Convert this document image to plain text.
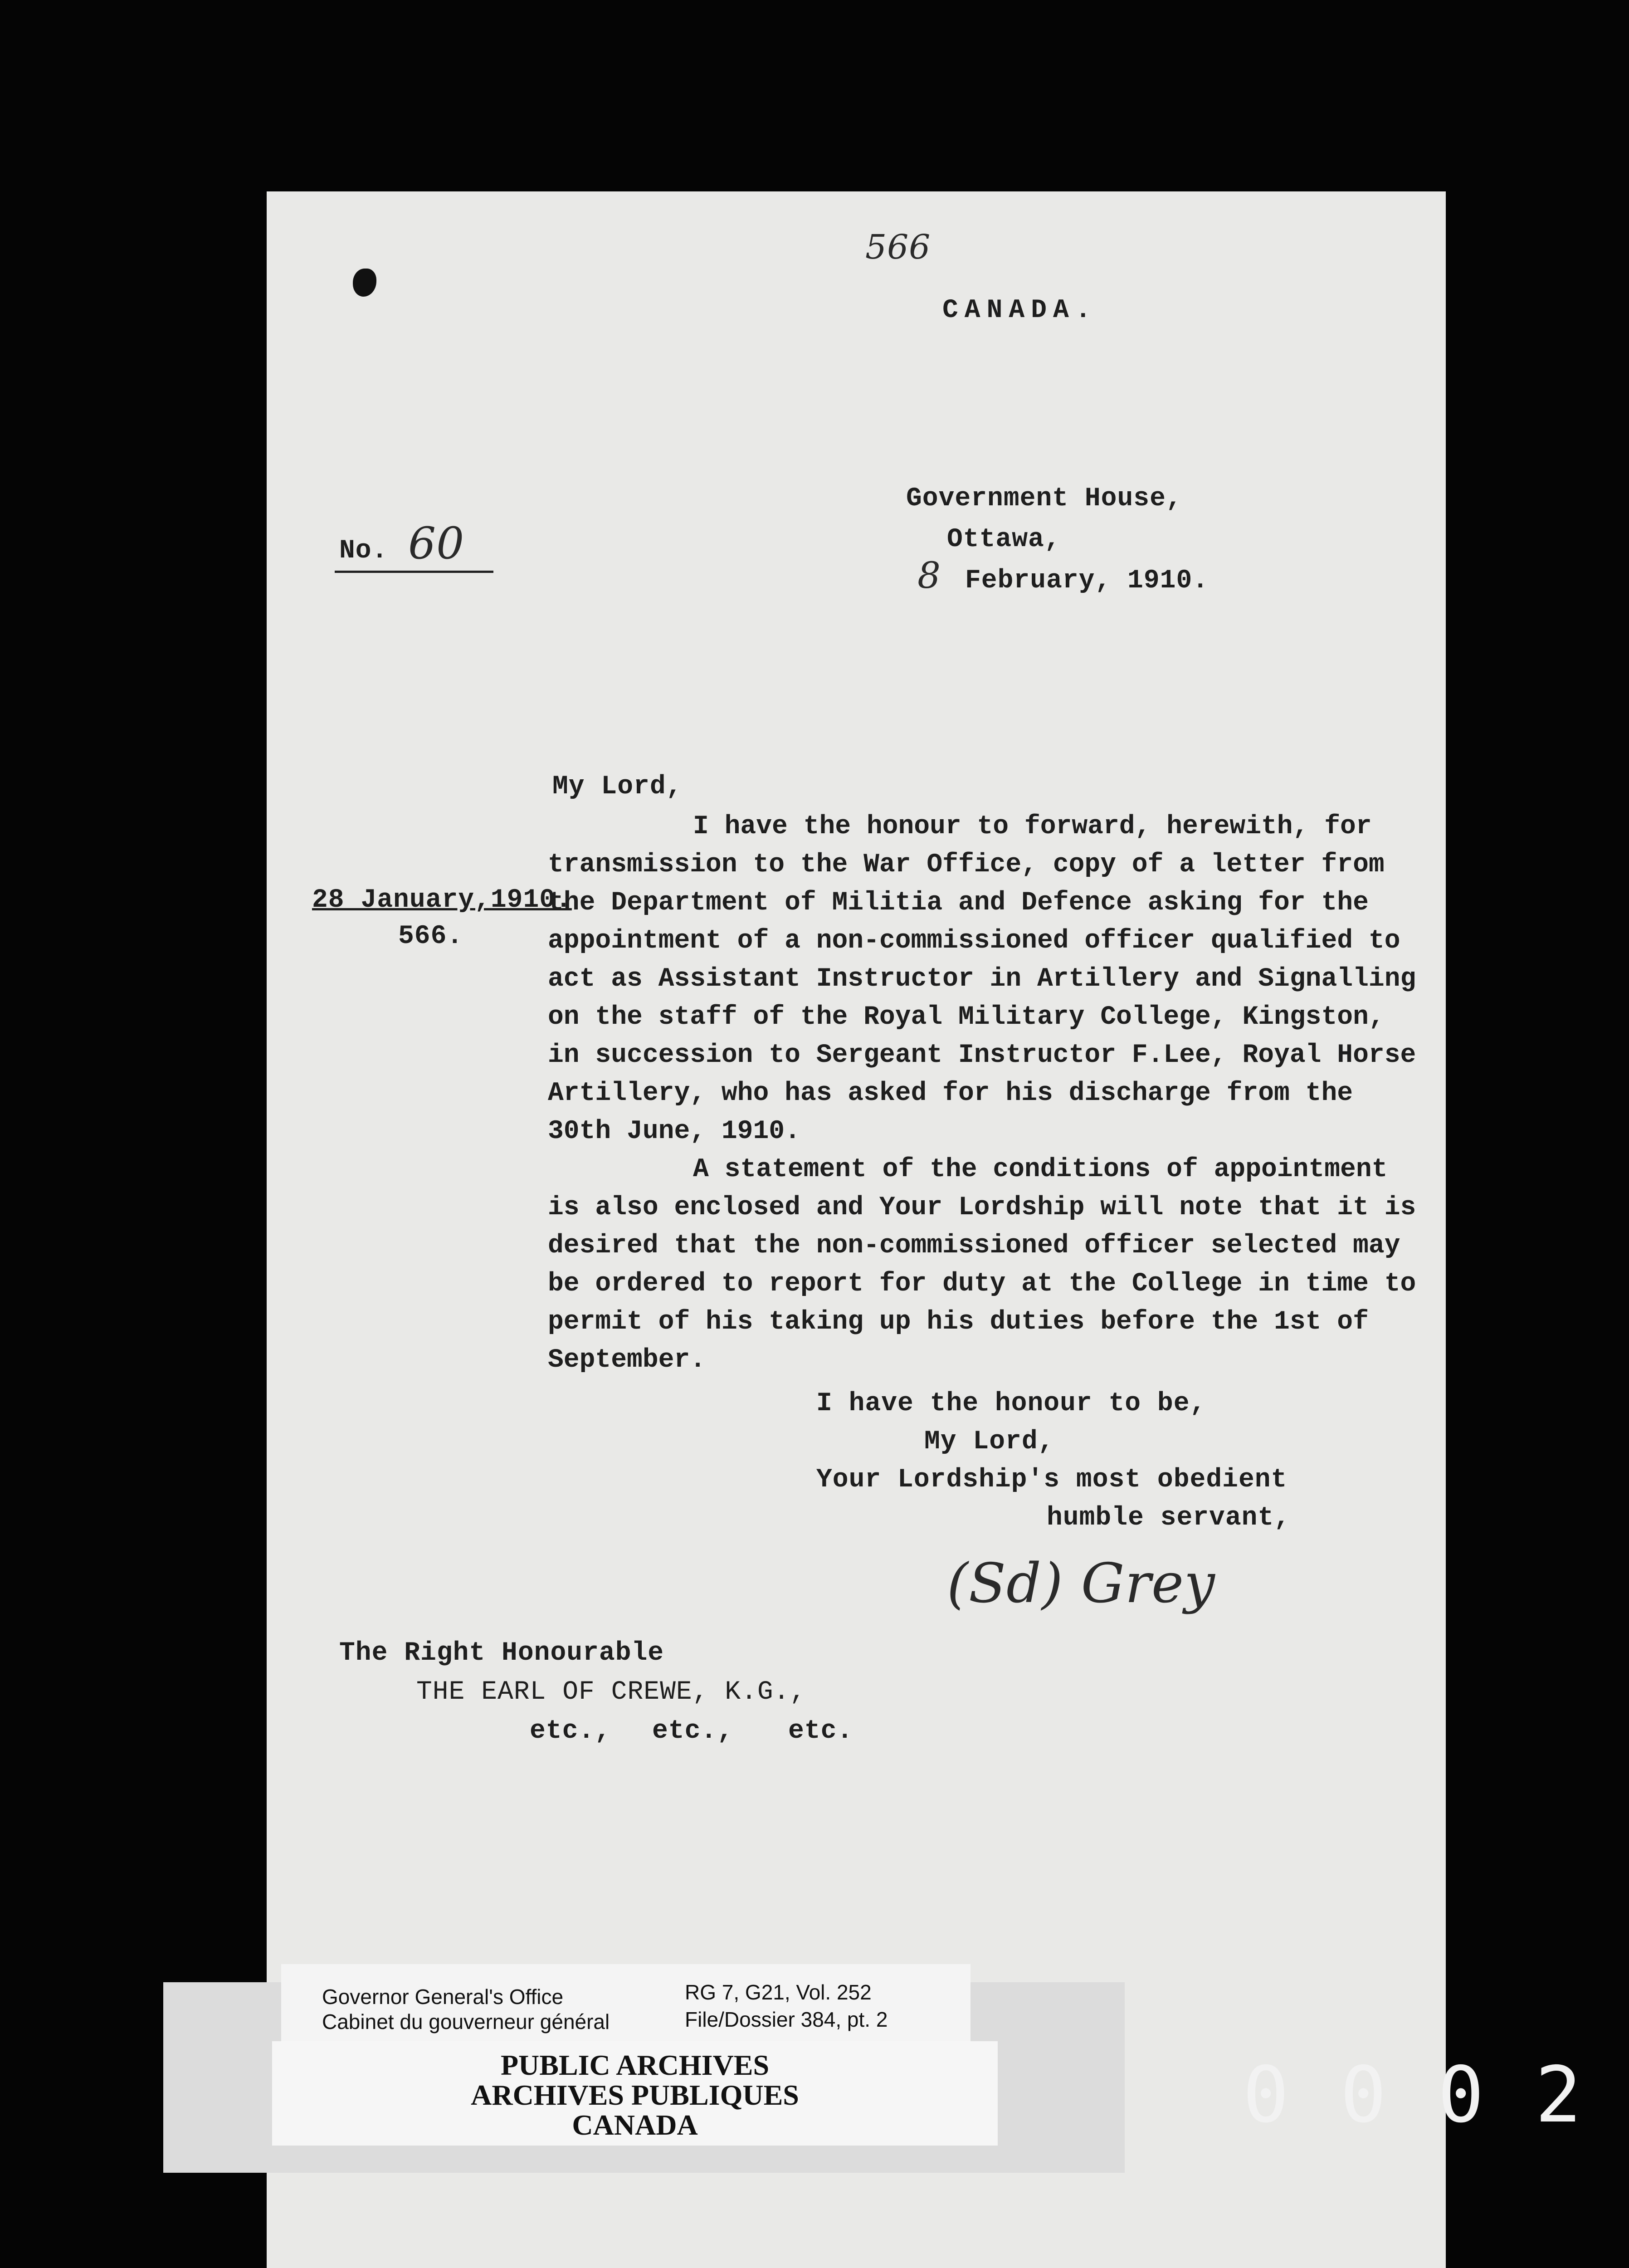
566
CANADA.
No. 60
Government House,
Ottawa,
8 February, 1910.
My Lord,
28 January,1910.
566.
I have the honour to forward, herewith, for
transmission to the War Office, copy of a letter from
the Department of Militia and Defence asking for the
appointment of a non-commissioned officer qualified to
act as Assistant Instructor in Artillery and Signalling
on the staff of the Royal Military College, Kingston,
in succession to Sergeant Instructor F.Lee, Royal Horse
Artillery, who has asked for his discharge from the
30th June, 1910.
A statement of the conditions of appointment
is also enclosed and Your Lordship will note that it is
desired that the non-commissioned officer selected may
be ordered to report for duty at the College in time to
permit of his taking up his duties before the 1st of
September.
I have the honour to be,
My Lord,
Your Lordship's most obedient
humble servant,
(Sd) Grey
The Right Honourable
THE EARL OF CREWE, K.G.,
etc., etc., etc.
Governor General's Office
Cabinet du gouverneur général
RG 7, G21, Vol. 252
File/Dossier 384, pt. 2
PUBLIC ARCHIVES
ARCHIVES PUBLIQUES
CANADA	0 0 0 2
